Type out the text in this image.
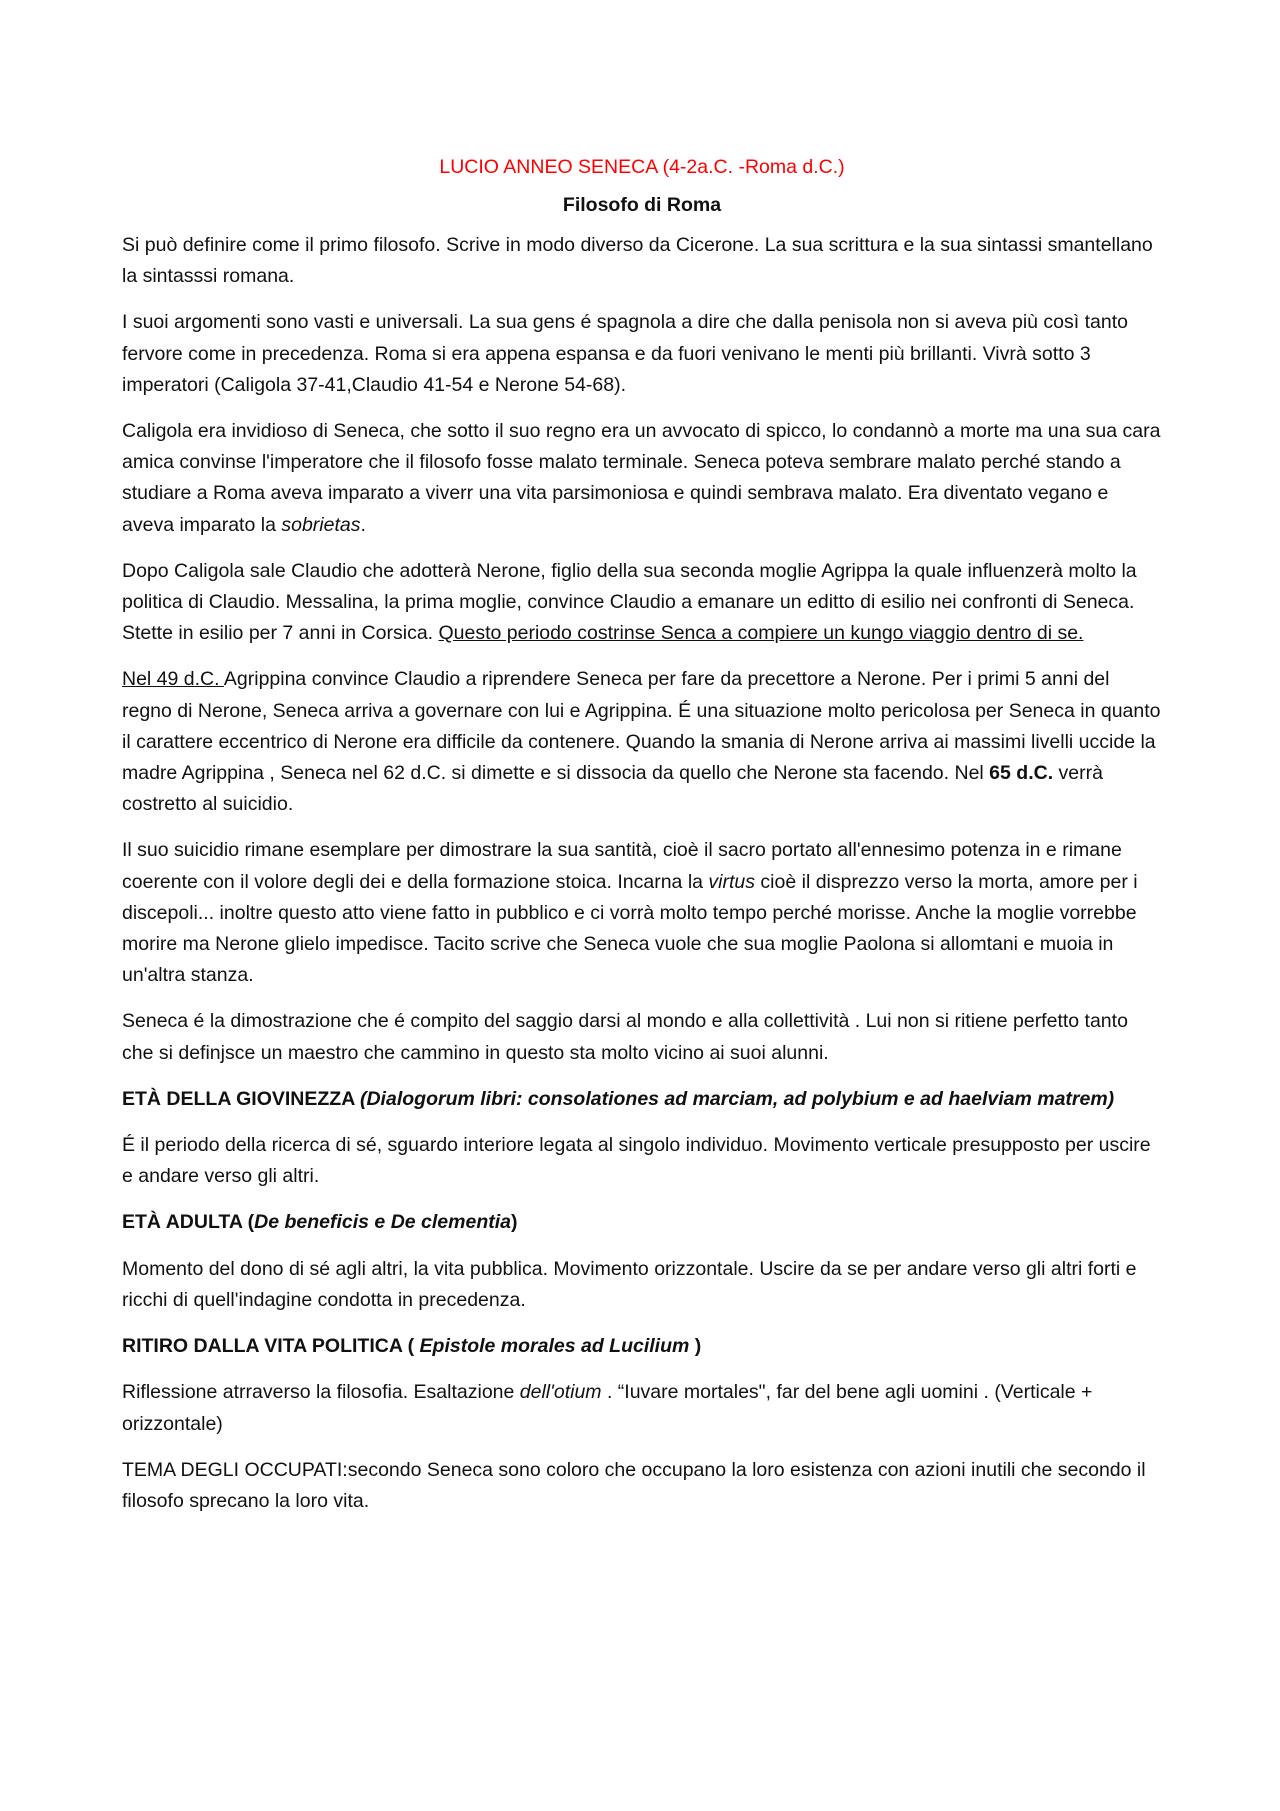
LUCIO ANNEO SENECA (4-2a.C. -Roma d.C.)
Filosofo di Roma

Si può definire come il primo filosofo. Scrive in modo diverso da Cicerone. La sua scrittura e la sua sintassi smantellano la sintasssi romana.

I suoi argomenti sono vasti e universali. La sua gens é spagnola a dire che dalla penisola non si aveva più così tanto fervore come in precedenza. Roma si era appena espansa e da fuori venivano le menti più brillanti. Vivrà sotto 3 imperatori (Caligola 37-41,Claudio 41-54 e Nerone 54-68).

Caligola era invidioso di Seneca, che sotto il suo regno era un avvocato di spicco, lo condannò a morte ma una sua cara amica convinse l'imperatore che il filosofo fosse malato terminale. Seneca poteva sembrare malato perché stando a studiare a Roma aveva imparato a viverr una vita parsimoniosa e quindi sembrava malato. Era diventato vegano e aveva imparato la sobrietas.

Dopo Caligola sale Claudio che adotterà Nerone, figlio della sua seconda moglie Agrippa la quale influenzerà molto la politica di Claudio. Messalina, la prima moglie, convince Claudio a emanare un editto di esilio nei confronti di Seneca. Stette in esilio per 7 anni in Corsica. Questo periodo costrinse Senca a compiere un kungo viaggio dentro di se.

Nel 49 d.C. Agrippina convince Claudio a riprendere Seneca per fare da precettore a Nerone. Per i primi 5 anni del regno di Nerone, Seneca arriva a governare con lui e Agrippina. É una situazione molto pericolosa per Seneca in quanto il carattere eccentrico di Nerone era difficile da contenere. Quando la smania di Nerone arriva ai massimi livelli uccide la madre Agrippina , Seneca nel 62 d.C. si dimette e si dissocia da quello che Nerone sta facendo. Nel 65 d.C. verrà costretto al suicidio.

Il suo suicidio rimane esemplare per dimostrare la sua santità, cioè il sacro portato all'ennesimo potenza in e rimane coerente con il volore degli dei e della formazione stoica. Incarna la virtus cioè il disprezzo verso la morta, amore per i discepoli... inoltre questo atto viene fatto in pubblico e ci vorrà molto tempo perché morisse. Anche la moglie vorrebbe morire ma Nerone glielo impedisce. Tacito scrive che Seneca vuole che sua moglie Paolona si allomtani e muoia in un'altra stanza.

Seneca é la dimostrazione che é compito del saggio darsi al mondo e alla collettività . Lui non si ritiene perfetto tanto che si definjsce un maestro che cammino in questo sta molto vicino ai suoi alunni.

ETÀ DELLA GIOVINEZZA (Dialogorum libri: consolationes ad marciam, ad polybium e ad haelviam matrem)

É il periodo della ricerca di sé, sguardo interiore legata al singolo individuo. Movimento verticale presupposto per uscire e andare verso gli altri.

ETÀ ADULTA (De beneficis e De clementia)

Momento del dono di sé agli altri, la vita pubblica. Movimento orizzontale. Uscire da se per andare verso gli altri forti e ricchi di quell'indagine condotta in precedenza.

RITIRO DALLA VITA POLITICA ( Epistole morales ad Lucilium )

Riflessione atrraverso la filosofia. Esaltazione dell'otium . “Iuvare mortales", far del bene agli uomini . (Verticale + orizzontale)

TEMA DEGLI OCCUPATI:secondo Seneca sono coloro che occupano la loro esistenza con azioni inutili che secondo il filosofo sprecano la loro vita.
